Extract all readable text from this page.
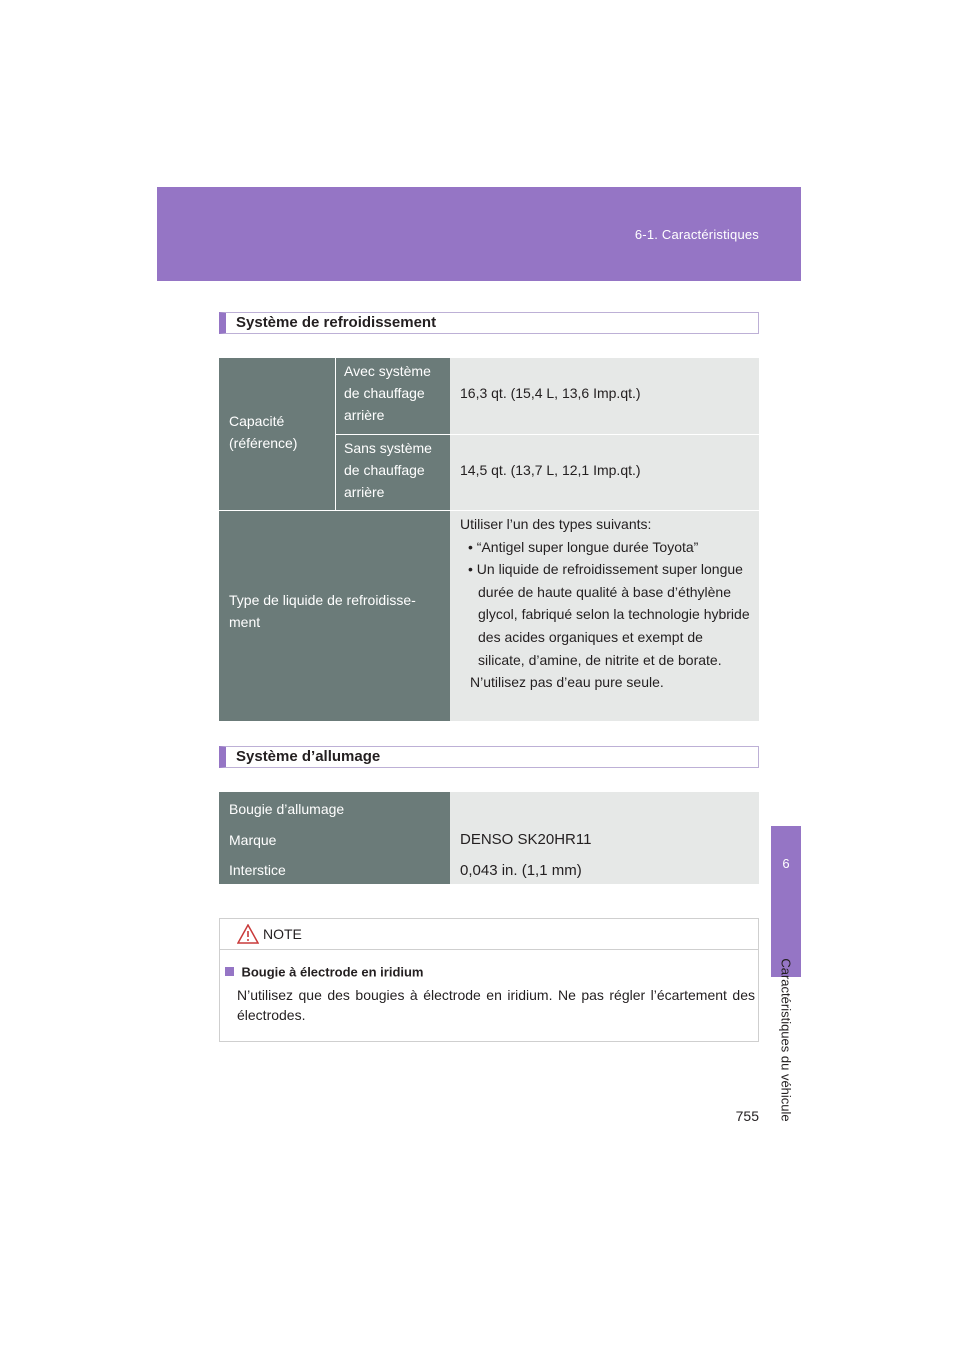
6-1. Caractéristiques
6
Caractéristiques du véhicule
Système de refroidissement
Capacité
(référence)
Avec système
de chauffage
arrière
16,3 qt. (15,4 L, 13,6 Imp.qt.)
Sans système
de chauffage
arrière
14,5 qt. (13,7 L, 12,1 Imp.qt.)
Type de liquide de refroidisse-
ment
Utiliser l’un des types suivants:
• “Antigel super longue durée Toyota”
• Un liquide de refroidissement super longue durée de haute qualité à base d’éthylène glycol, fabriqué selon la technologie hybride des acides organiques et exempt de silicate, d’amine, de nitrite et de borate.
N’utilisez pas d’eau pure seule.
Système d’allumage
Bougie d’allumage
Marque
Interstice
DENSO SK20HR11
0,043 in. (1,1 mm)
NOTE
Bougie à électrode en iridium
N’utilisez que des bougies à électrode en iridium. Ne pas régler l’écartement des électrodes.
755
